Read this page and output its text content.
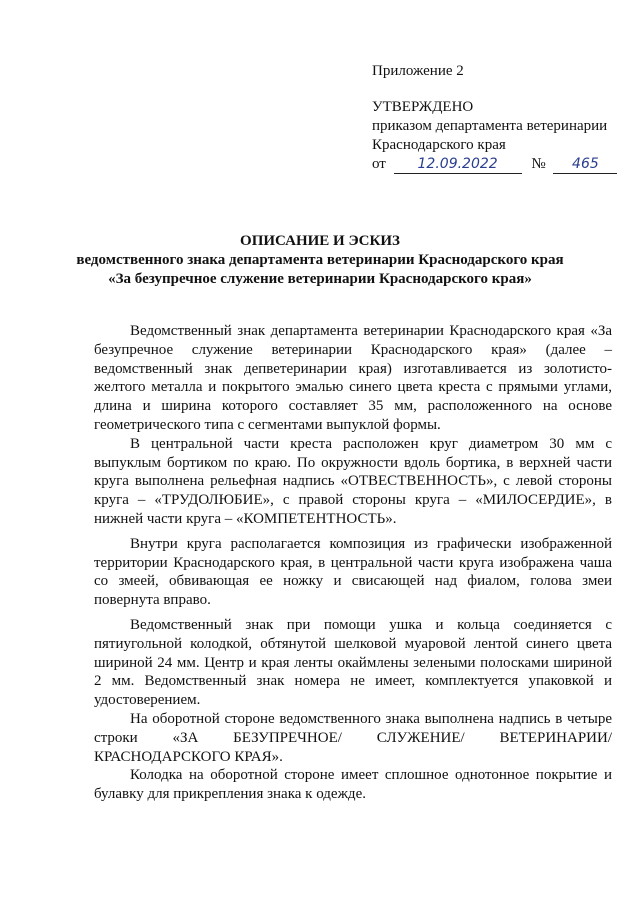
Приложение 2
УТВЕРЖДЕНО
приказом департамента ветеринарии
Краснодарского края
от 12.09.2022 № 465
ОПИСАНИЕ И ЭСКИЗ
ведомственного знака департамента ветеринарии Краснодарского края
«За безупречное служение ветеринарии Краснодарского края»

Ведомственный знак департамента ветеринарии Краснодарского края «За безупречное служение ветеринарии Краснодарского края» (далее – ведомственный знак депветеринарии края) изготавливается из золотисто-желтого металла и покрытого эмалью синего цвета креста с прямыми углами, длина и ширина которого составляет 35 мм, расположенного на основе геометрического типа с сегментами выпуклой формы.

В центральной части креста расположен круг диаметром 30 мм с выпуклым бортиком по краю. По окружности вдоль бортика, в верхней части круга выполнена рельефная надпись «ОТВЕСТВЕННОСТЬ», с левой стороны круга – «ТРУДОЛЮБИЕ», с правой стороны круга – «МИЛОСЕРДИЕ», в нижней части круга – «КОМПЕТЕНТНОСТЬ».

Внутри круга располагается композиция из графически изображенной территории Краснодарского края, в центральной части круга изображена чаша со змеей, обвивающая ее ножку и свисающей над фиалом, голова змеи повернута вправо.

Ведомственный знак при помощи ушка и кольца соединяется с пятиугольной колодкой, обтянутой шелковой муаровой лентой синего цвета шириной 24 мм. Центр и края ленты окаймлены зелеными полосками шириной 2 мм. Ведомственный знак номера не имеет, комплектуется упаковкой и удостоверением.

На оборотной стороне ведомственного знака выполнена надпись в четыре строки «ЗА БЕЗУПРЕЧНОЕ/ СЛУЖЕНИЕ/ ВЕТЕРИНАРИИ/ КРАСНОДАРСКОГО КРАЯ».

Колодка на оборотной стороне имеет сплошное однотонное покрытие и булавку для прикрепления знака к одежде.
